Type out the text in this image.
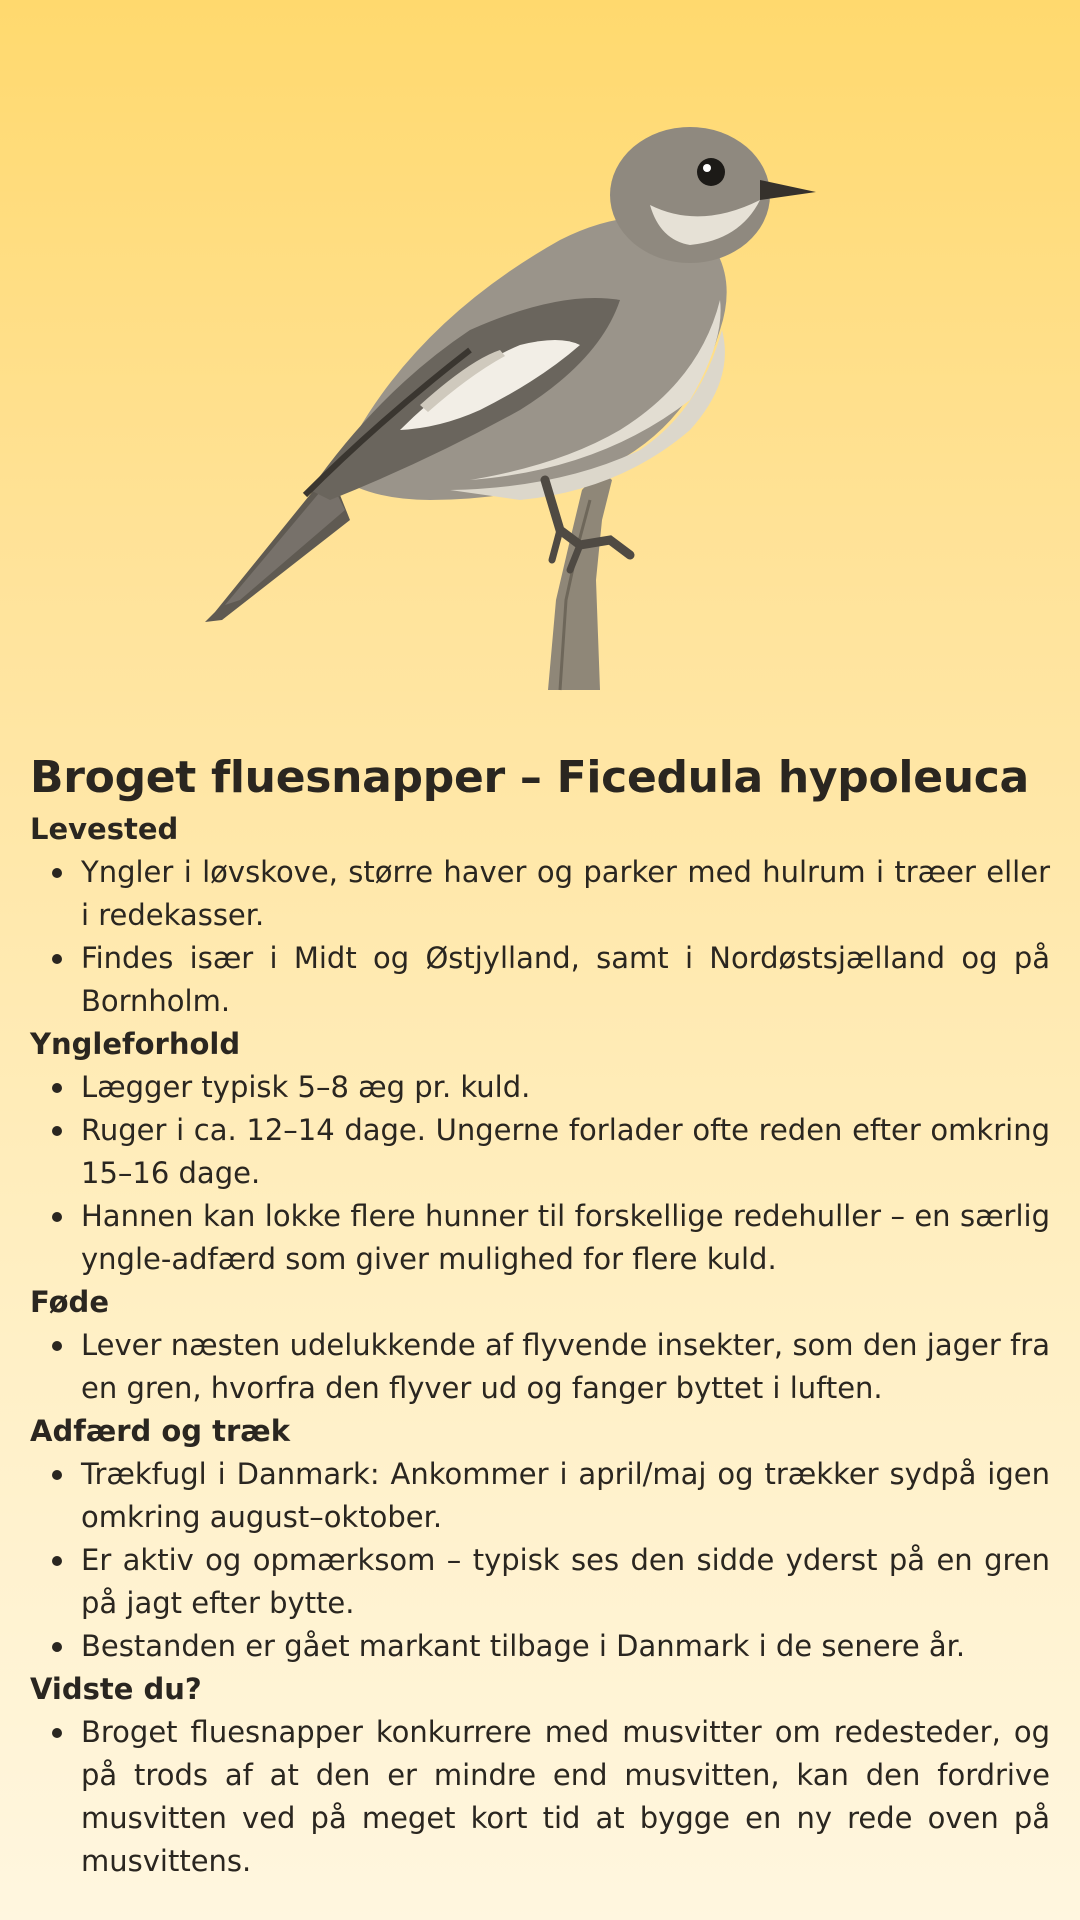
Broget fluesnapper – Ficedula hypoleuca
Levested
Yngler i løvskove, større haver og parker med hulrum i træer eller i redekasser.
Findes især i Midt og Østjylland, samt i Nordøstsjælland og på Bornholm.
Yngleforhold
Lægger typisk 5–8 æg pr. kuld.
Ruger i ca. 12–14 dage. Ungerne forlader ofte reden efter omkring 15–16 dage.
Hannen kan lokke flere hunner til forskellige redehuller – en særlig yngle-adfærd som giver mulighed for flere kuld.
Føde
Lever næsten udelukkende af flyvende insekter, som den jager fra en gren, hvorfra den flyver ud og fanger byttet i luften.
Adfærd og træk
Trækfugl i Danmark: Ankommer i april/maj og trækker sydpå igen omkring august–oktober.
Er aktiv og opmærksom – typisk ses den sidde yderst på en gren på jagt efter bytte.
Bestanden er gået markant tilbage i Danmark i de senere år.
Vidste du?
Broget fluesnapper konkurrere med musvitter om redesteder, og på trods af at den er mindre end musvitten, kan den fordrive musvitten ved på meget kort tid at bygge en ny rede oven på musvittens.
